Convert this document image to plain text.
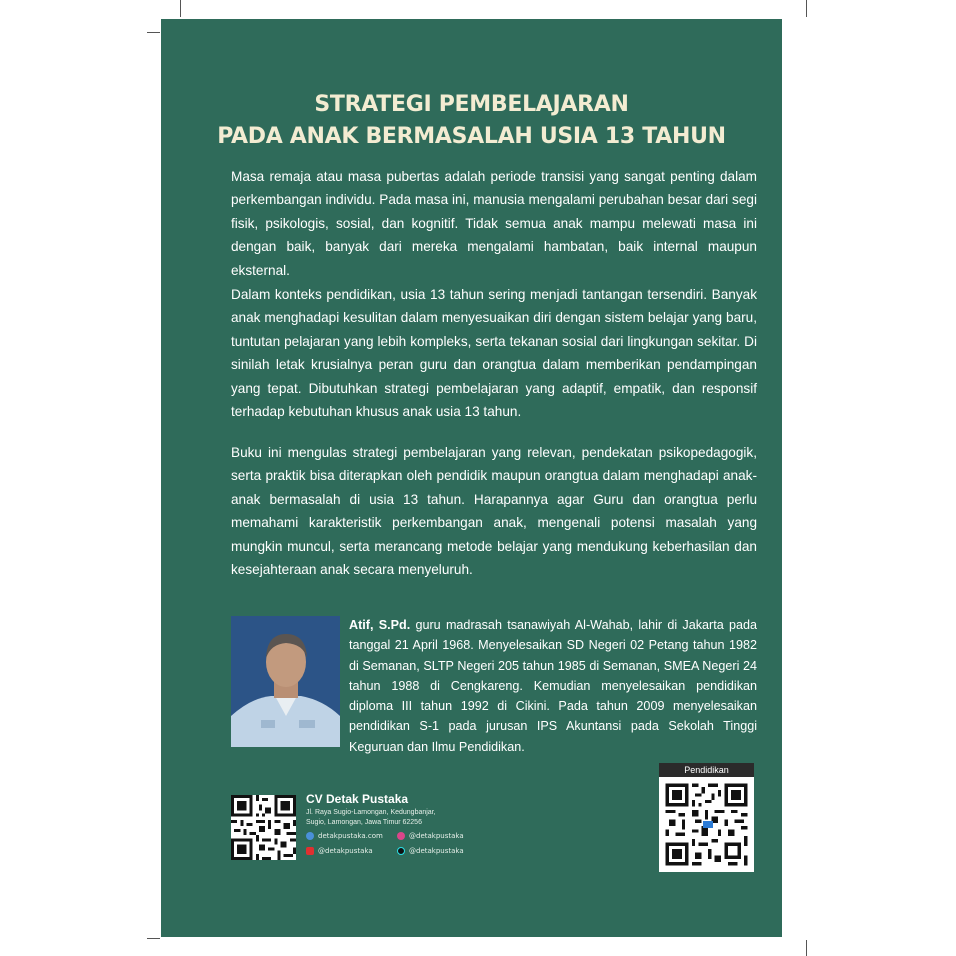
STRATEGI PEMBELAJARAN
PADA ANAK BERMASALAH USIA 13 TAHUN

Masa remaja atau masa pubertas adalah periode transisi yang sangat penting dalam perkembangan individu. Pada masa ini, manusia mengalami perubahan besar dari segi fisik, psikologis, sosial, dan kognitif. Tidak semua anak mampu melewati masa ini dengan baik, banyak dari mereka mengalami hambatan, baik internal maupun eksternal.

Dalam konteks pendidikan, usia 13 tahun sering menjadi tantangan tersendiri. Banyak anak menghadapi kesulitan dalam menyesuaikan diri dengan sistem belajar yang baru, tuntutan pelajaran yang lebih kompleks, serta tekanan sosial dari lingkungan sekitar. Di sinilah letak krusialnya peran guru dan orangtua dalam memberikan pendampingan yang tepat. Dibutuhkan strategi pembelajaran yang adaptif, empatik, dan responsif terhadap kebutuhan khusus anak usia 13 tahun.

Buku ini mengulas strategi pembelajaran yang relevan, pendekatan psikopedagogik, serta praktik bisa diterapkan oleh pendidik maupun orangtua dalam menghadapi anak-anak bermasalah di usia 13 tahun. Harapannya agar Guru dan orangtua perlu memahami karakteristik perkembangan anak, mengenali potensi masalah yang mungkin muncul, serta merancang metode belajar yang mendukung keberhasilan dan kesejahteraan anak secara menyeluruh.

Atif, S.Pd. guru madrasah tsanawiyah Al-Wahab, lahir di Jakarta pada tanggal 21 April 1968. Menyelesaikan SD Negeri 02 Petang tahun 1982 di Semanan, SLTP Negeri 205 tahun 1985 di Semanan, SMEA Negeri 24 tahun 1988 di Cengkareng. Kemudian menyelesaikan pendidikan diploma III tahun 1992 di Cikini. Pada tahun 2009 menyelesaikan pendidikan S-1 pada jurusan IPS Akuntansi pada Sekolah Tinggi Keguruan dan Ilmu Pendidikan.

CV Detak Pustaka
Jl. Raya Sugio-Lamongan, Kedungbanjar,
Sugio, Lamongan, Jawa Timur 62256
detakpustaka.com	@detakpustaka
@detakpustaka	@detakpustaka
Pendidikan
